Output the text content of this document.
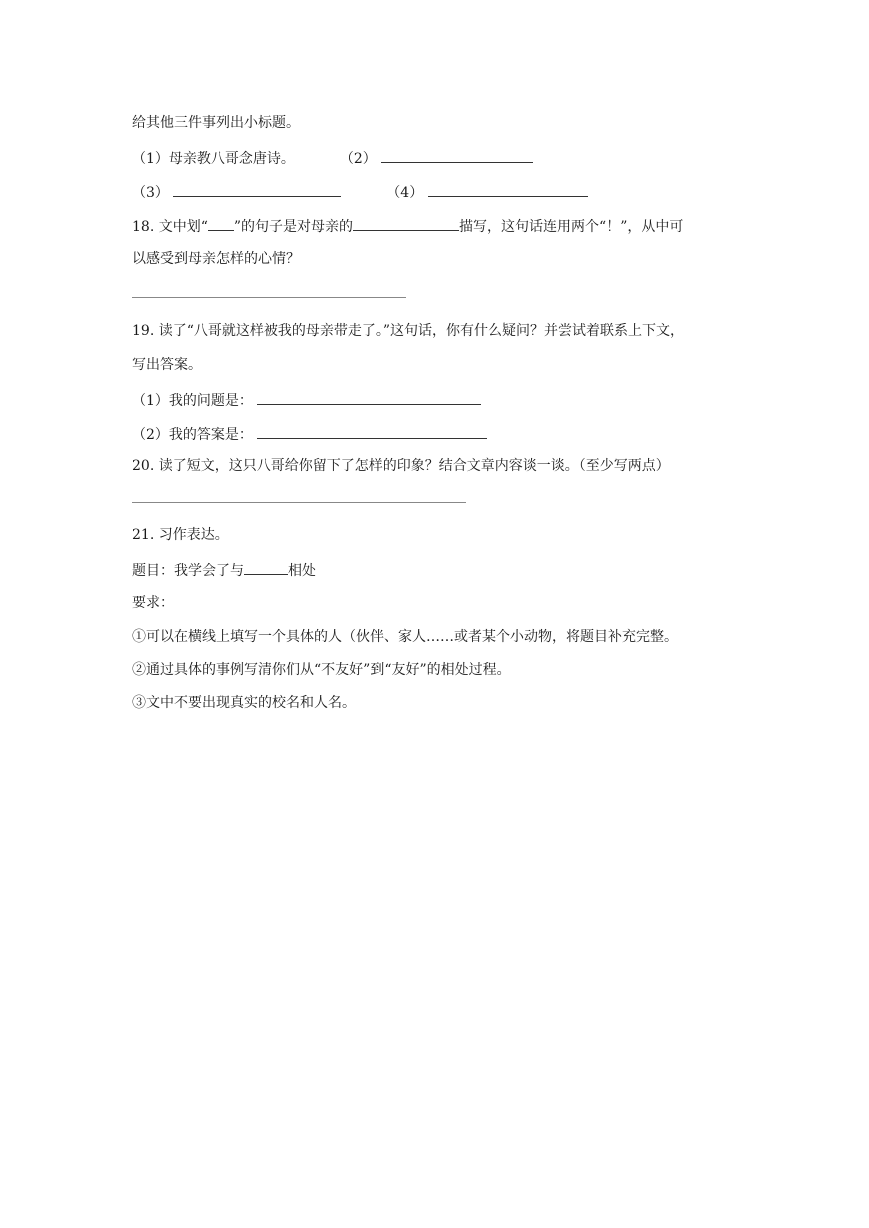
给其他三件事列出小标题。
（1）母亲教八哥念唐诗。	（2）
（3）	（4）
18. 文中划“ ”的句子是对母亲的	描写，这句话连用两个“！”，从中可
以感受到母亲怎样的心情？
19. 读了“八哥就这样被我的母亲带走了。”这句话，你有什么疑问？并尝试着联系上下文，
写出答案。
（1）我的问题是：
（2）我的答案是：
20. 读了短文，这只八哥给你留下了怎样的印象？结合文章内容谈一谈。（至少写两点）
21. 习作表达。
题目：我学会了与	相处
要求：
①可以在横线上填写一个具体的人（伙伴、家人……或者某个小动物，将题目补充完整。
②通过具体的事例写清你们从“不友好”到“友好”的相处过程。
③文中不要出现真实的校名和人名。
